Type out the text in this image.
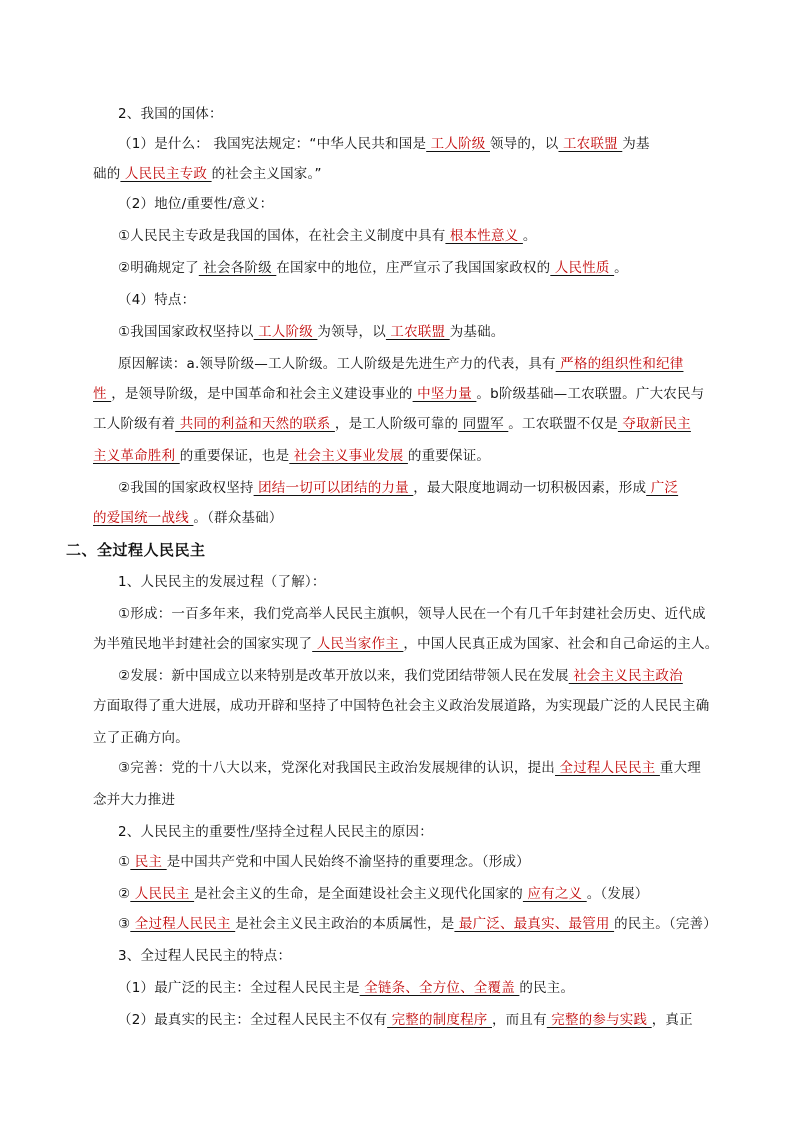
2、我国的国体：
（1）是什么： 我国宪法规定：“中华人民共和国是 工人阶级 领导的，以 工农联盟 为基
础的 人民民主专政 的社会主义国家。”
（2）地位/重要性/意义：
①人民民主专政是我国的国体，在社会主义制度中具有 根本性意义 。
②明确规定了 社会各阶级 在国家中的地位，庄严宣示了我国国家政权的 人民性质 。
（4）特点：
①我国国家政权坚持以 工人阶级 为领导，以 工农联盟 为基础。
原因解读：a.领导阶级—工人阶级。工人阶级是先进生产力的代表，具有 严格的组织性和纪律
性 ，是领导阶级，是中国革命和社会主义建设事业的 中坚力量 。b阶级基础—工农联盟。广大农民与
工人阶级有着 共同的利益和天然的联系 ，是工人阶级可靠的 同盟军 。工农联盟不仅是 夺取新民主
主义革命胜利 的重要保证，也是 社会主义事业发展 的重要保证。
②我国的国家政权坚持 团结一切可以团结的力量 ，最大限度地调动一切积极因素，形成 广泛
的爱国统一战线 。（群众基础）
二、全过程人民民主
1、人民民主的发展过程（了解）：
①形成：一百多年来，我们党高举人民民主旗帜，领导人民在一个有几千年封建社会历史、近代成
为半殖民地半封建社会的国家实现了 人民当家作主 ，中国人民真正成为国家、社会和自己命运的主人。
②发展：新中国成立以来特别是改革开放以来，我们党团结带领人民在发展 社会主义民主政治
方面取得了重大进展，成功开辟和坚持了中国特色社会主义政治发展道路，为实现最广泛的人民民主确
立了正确方向。
③完善：党的十八大以来，党深化对我国民主政治发展规律的认识，提出 全过程人民民主 重大理
念并大力推进
2、人民民主的重要性/坚持全过程人民民主的原因：
① 民主 是中国共产党和中国人民始终不渝坚持的重要理念。（形成）
② 人民民主 是社会主义的生命，是全面建设社会主义现代化国家的 应有之义 。（发展）
③ 全过程人民民主 是社会主义民主政治的本质属性，是 最广泛、最真实、最管用 的民主。（完善）
3、全过程人民民主的特点：
（1）最广泛的民主：全过程人民民主是 全链条、全方位、全覆盖 的民主。
（2）最真实的民主：全过程人民民主不仅有 完整的制度程序 ，而且有 完整的参与实践 ，真正
